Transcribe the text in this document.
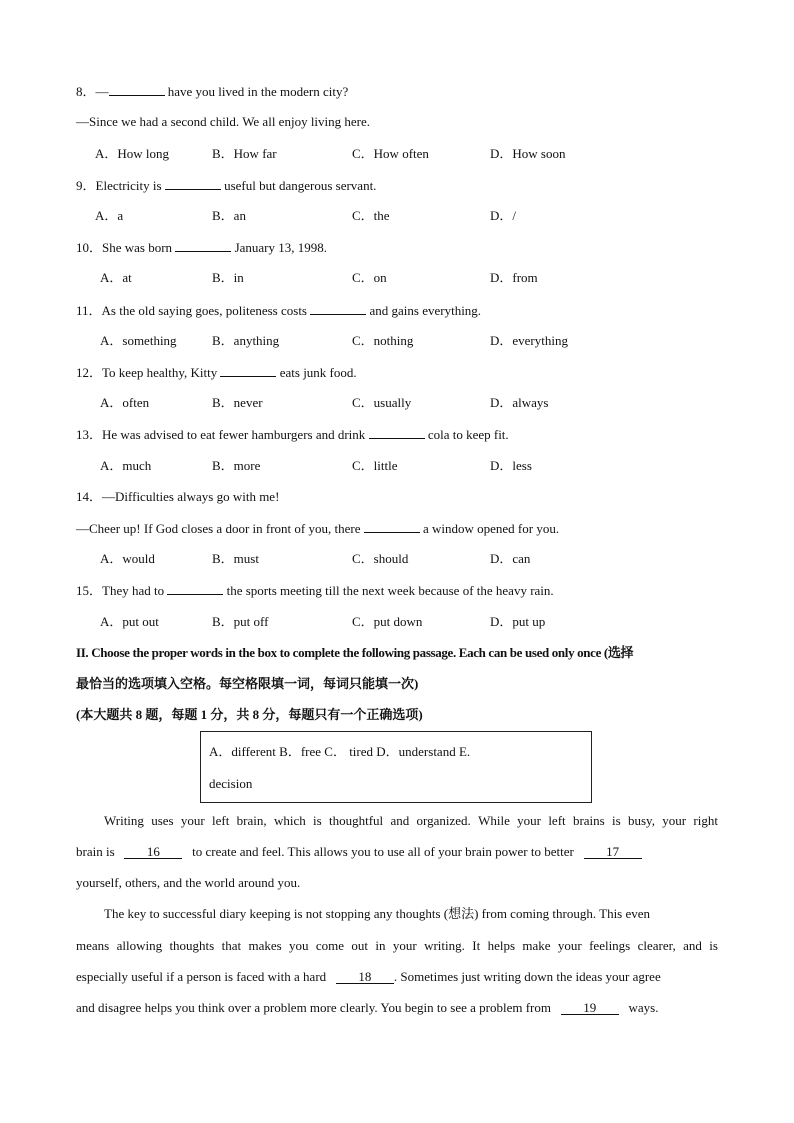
8．—	have you lived in the modern city?
—Since we had a second child. We all enjoy living here.
A．How long	B．How far	C．How often	D．How soon
9．Electricity is	useful but dangerous servant.
A．a	B．an	C．the	D．/
10．She was born	January 13, 1998.
A．at	B．in	C．on	D．from
11．As the old saying goes, politeness costs	and gains everything.
A．something	B．anything	C．nothing	D．everything
12．To keep healthy, Kitty	eats junk food.
A．often	B．never	C．usually	D．always
13．He was advised to eat fewer hamburgers and drink	cola to keep fit.
A．much	B．more	C．little	D．less
14．—Difficulties always go with me!
—Cheer up! If God closes a door in front of you, there	a window opened for you.
A．would	B．must	C．should	D．can
15．They had to	the sports meeting till the next week because of the heavy rain.
A．put out	B．put off	C．put down	D．put up
II. Choose the proper words in the box to complete the following passage. Each can be used only once (选择
最恰当的选项填入空格。每空格限填一词，每词只能填一次)
(本大题共 8 题，每题 1 分，共 8 分，每题只有一个正确选项)
A．different B．free C． tired D．understand E.
decision
Writing uses your left brain, which is thoughtful and organized. While your left brains is busy, your right
brain is 16 to create and feel. This allows you to use all of your brain power to better 17
yourself, others, and the world around you.
The key to successful diary keeping is not stopping any thoughts (想法) from coming through. This even
means allowing thoughts that makes you come out in your writing. It helps make your feelings clearer, and is
especially useful if a person is faced with a hard 18 . Sometimes just writing down the ideas your agree
and disagree helps you think over a problem more clearly. You begin to see a problem from 19 ways.
